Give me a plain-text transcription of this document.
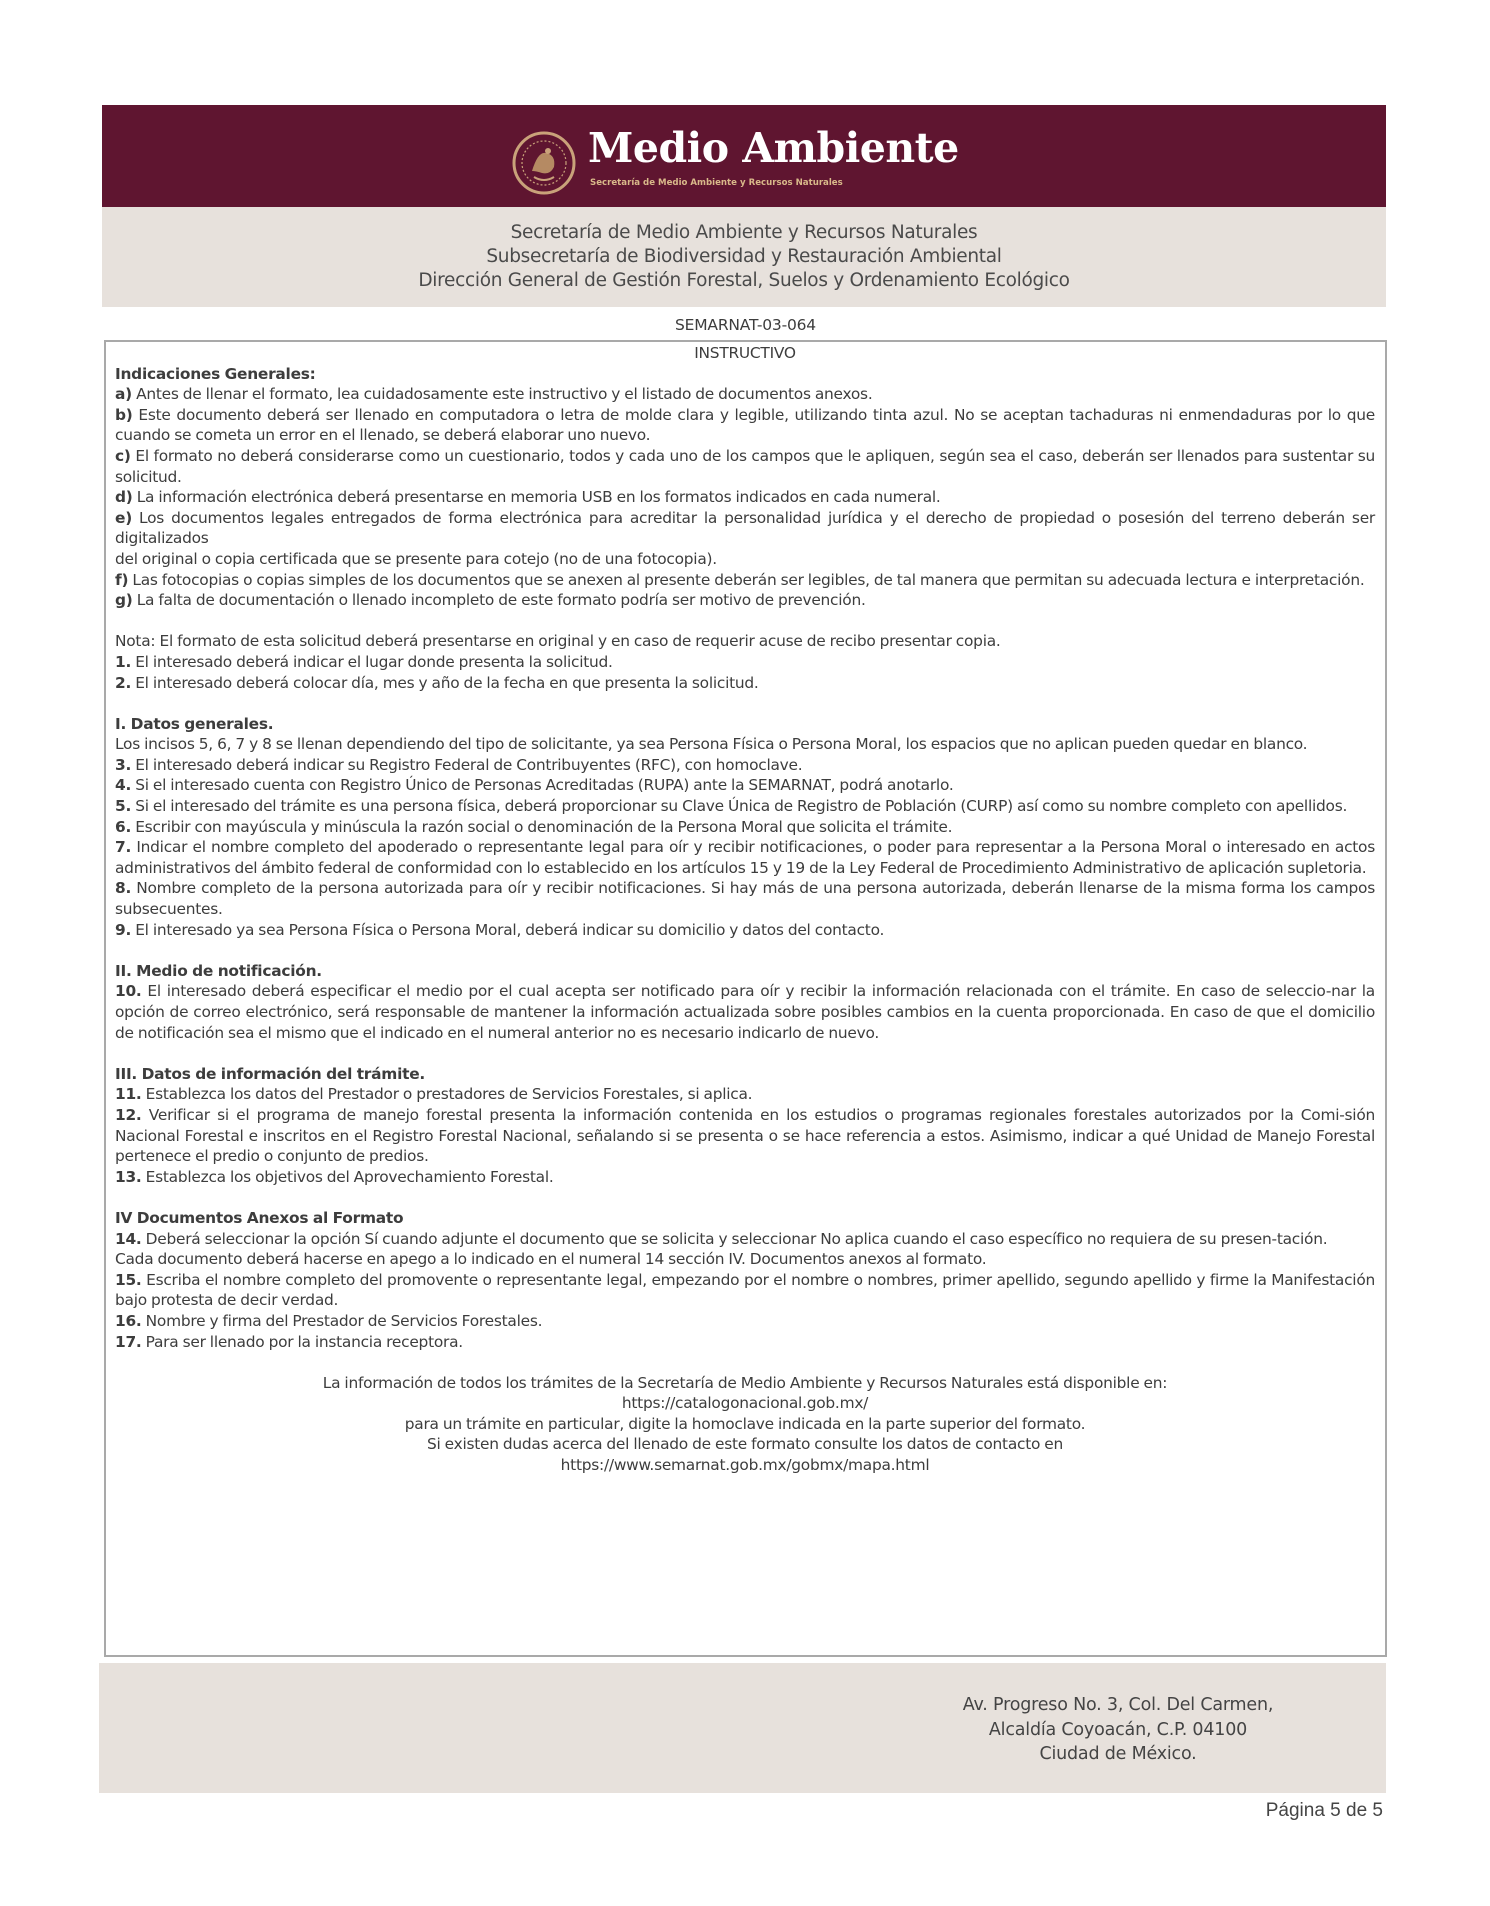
Medio Ambiente
Secretaría de Medio Ambiente y Recursos Naturales
Secretaría de Medio Ambiente y Recursos Naturales
Subsecretaría de Biodiversidad y Restauración Ambiental
Dirección General de Gestión Forestal, Suelos y Ordenamiento Ecológico
SEMARNAT-03-064

INSTRUCTIVO

Indicaciones Generales:

a) Antes de llenar el formato, lea cuidadosamente este instructivo y el listado de documentos anexos.

b) Este documento deberá ser llenado en computadora o letra de molde clara y legible, utilizando tinta azul. No se aceptan tachaduras ni enmendaduras por lo que cuando se cometa un error en el llenado, se deberá elaborar uno nuevo.

c) El formato no deberá considerarse como un cuestionario, todos y cada uno de los campos que le apliquen, según sea el caso, deberán ser llenados para sustentar su solicitud.

d) La información electrónica deberá presentarse en memoria USB en los formatos indicados en cada numeral.

e) Los documentos legales entregados de forma electrónica para acreditar la personalidad jurídica y el derecho de propiedad o posesión del terreno deberán ser digitalizados

del original o copia certificada que se presente para cotejo (no de una fotocopia).

f) Las fotocopias o copias simples de los documentos que se anexen al presente deberán ser legibles, de tal manera que permitan su adecuada lectura e interpretación.

g) La falta de documentación o llenado incompleto de este formato podría ser motivo de prevención.

Nota: El formato de esta solicitud deberá presentarse en original y en caso de requerir acuse de recibo presentar copia.

1. El interesado deberá indicar el lugar donde presenta la solicitud.

2. El interesado deberá colocar día, mes y año de la fecha en que presenta la solicitud.

I. Datos generales.

Los incisos 5, 6, 7 y 8 se llenan dependiendo del tipo de solicitante, ya sea Persona Física o Persona Moral, los espacios que no aplican pueden quedar en blanco.

3. El interesado deberá indicar su Registro Federal de Contribuyentes (RFC), con homoclave.

4. Si el interesado cuenta con Registro Único de Personas Acreditadas (RUPA) ante la SEMARNAT, podrá anotarlo.

5. Si el interesado del trámite es una persona física, deberá proporcionar su Clave Única de Registro de Población (CURP) así como su nombre completo con apellidos.

6. Escribir con mayúscula y minúscula la razón social o denominación de la Persona Moral que solicita el trámite.

7. Indicar el nombre completo del apoderado o representante legal para oír y recibir notificaciones, o poder para representar a la Persona Moral o interesado en actos administrativos del ámbito federal de conformidad con lo establecido en los artículos 15 y 19 de la Ley Federal de Procedimiento Administrativo de aplicación supletoria.

8. Nombre completo de la persona autorizada para oír y recibir notificaciones. Si hay más de una persona autorizada, deberán llenarse de la misma forma los campos subsecuentes.

9. El interesado ya sea Persona Física o Persona Moral, deberá indicar su domicilio y datos del contacto.

II. Medio de notificación.

10. El interesado deberá especificar el medio por el cual acepta ser notificado para oír y recibir la información relacionada con el trámite. En caso de seleccio-nar la opción de correo electrónico, será responsable de mantener la información actualizada sobre posibles cambios en la cuenta proporcionada. En caso de que el domicilio de notificación sea el mismo que el indicado en el numeral anterior no es necesario indicarlo de nuevo.

III. Datos de información del trámite.

11. Establezca los datos del Prestador o prestadores de Servicios Forestales, si aplica.

12. Verificar si el programa de manejo forestal presenta la información contenida en los estudios o programas regionales forestales autorizados por la Comi-sión Nacional Forestal e inscritos en el Registro Forestal Nacional, señalando si se presenta o se hace referencia a estos. Asimismo, indicar a qué Unidad de Manejo Forestal pertenece el predio o conjunto de predios.

13. Establezca los objetivos del Aprovechamiento Forestal.

IV Documentos Anexos al Formato

14. Deberá seleccionar la opción Sí cuando adjunte el documento que se solicita y seleccionar No aplica cuando el caso específico no requiera de su presen-tación.

Cada documento deberá hacerse en apego a lo indicado en el numeral 14 sección IV. Documentos anexos al formato.

15. Escriba el nombre completo del promovente o representante legal, empezando por el nombre o nombres, primer apellido, segundo apellido y firme la Manifestación bajo protesta de decir verdad.

16. Nombre y firma del Prestador de Servicios Forestales.

17. Para ser llenado por la instancia receptora.

La información de todos los trámites de la Secretaría de Medio Ambiente y Recursos Naturales está disponible en:

https://catalogonacional.gob.mx/

para un trámite en particular, digite la homoclave indicada en la parte superior del formato.

Si existen dudas acerca del llenado de este formato consulte los datos de contacto en

https://www.semarnat.gob.mx/gobmx/mapa.html

Av. Progreso No. 3, Col. Del Carmen,
Alcaldía Coyoacán, C.P. 04100
Ciudad de México.
Página 5 de 5
